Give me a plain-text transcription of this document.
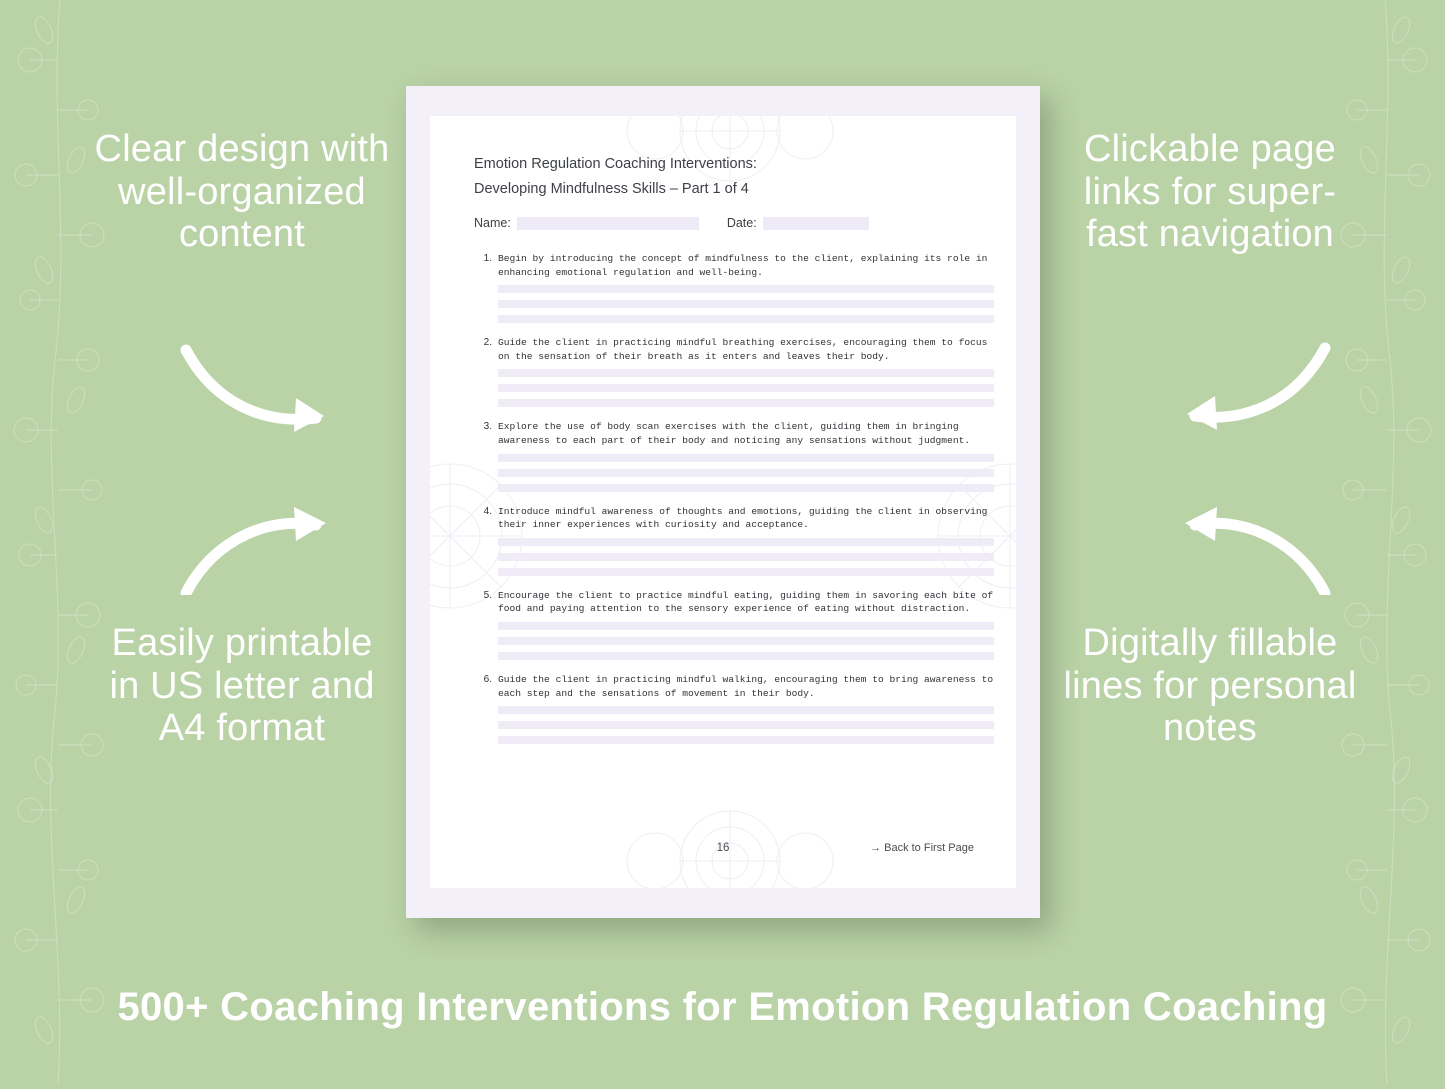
Clear design with well-organized content
Easily printable in US letter and A4 format
Clickable page links for super-fast navigation
Digitally fillable lines for personal notes
Emotion Regulation Coaching Interventions:
Developing Mindfulness Skills – Part 1 of 4
Name:	Date:
1. Begin by introducing the concept of mindfulness to the client, explaining its role in enhancing emotional regulation and well-being.
2. Guide the client in practicing mindful breathing exercises, encouraging them to focus on the sensation of their breath as it enters and leaves their body.
3. Explore the use of body scan exercises with the client, guiding them in bringing awareness to each part of their body and noticing any sensations without judgment.
4. Introduce mindful awareness of thoughts and emotions, guiding the client in observing their inner experiences with curiosity and acceptance.
5. Encourage the client to practice mindful eating, guiding them in savoring each bite of food and paying attention to the sensory experience of eating without distraction.
6. Guide the client in practicing mindful walking, encouraging them to bring awareness to each step and the sensations of movement in their body.
16	→ Back to First Page
500+ Coaching Interventions for Emotion Regulation Coaching
